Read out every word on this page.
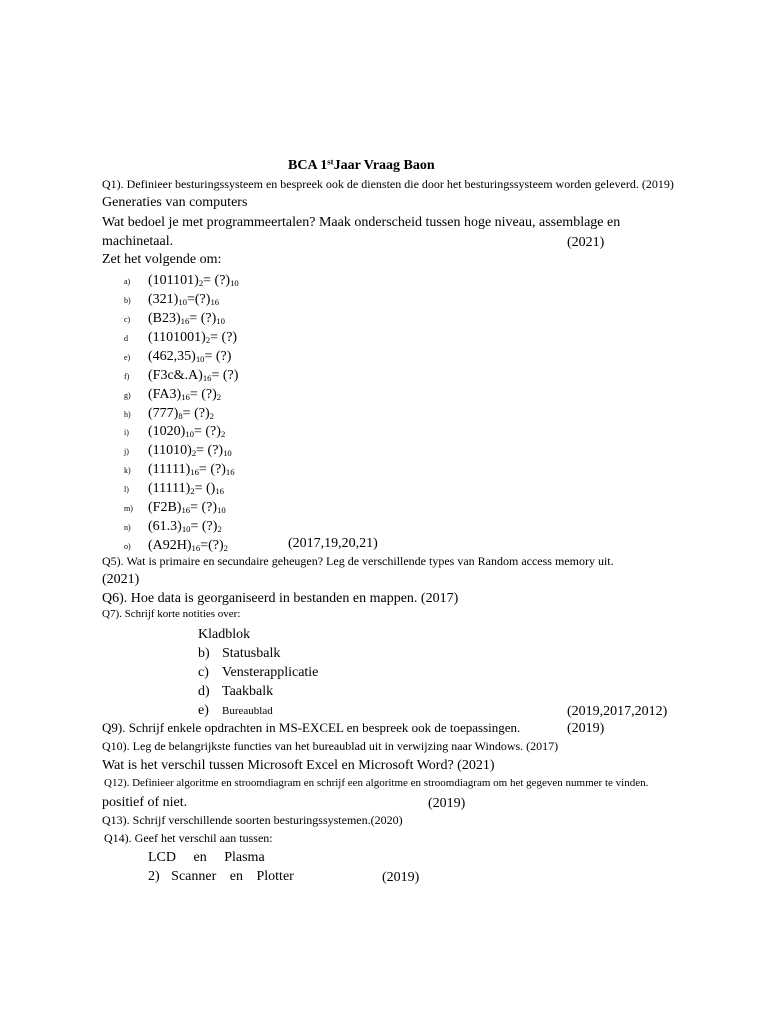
BCA 1stJaar Vraag Baon
Q1). Definieer besturingssysteem en bespreek ook de diensten die door het besturingssysteem worden geleverd. (2019)
Generaties van computers
Wat bedoel je met programmeertalen? Maak onderscheid tussen hoge niveau, assemblage en
machinetaal.	(2021)
Zet het volgende om:
a) $(101101)_2=$ $(?)_{10}$
b) $(321)_{10}=(?)_{16}$
c) $(B23)_{16}=$ $(?)_{10}$
d $(1101001)_2=$ (?)
e) $(462,35)_{10}=$ (?)
f) $(F3c\&.A)_{16}=$ (?)
g) $(FA3)_{16}=$ $(?)_2$
h) $(777)_8=$ $(?)_2$
i) $(1020)_{10}=$ $(?)_2$
j) $(11010)_2=$ $(?)_{10}$
k) $(11111)_{16}=$ $(?)_{16}$
l) $(11111)_2= ()_{16}$
m) $(F2B)_{16}=$ $(?)_{10}$
n) $(61.3)_{10}=$ $(?)_2$
o) $(A92H)_{16}=(?)_2$	(2017,19,20,21)
Q5). Wat is primaire en secundaire geheugen? Leg de verschillende types van Random access memory uit.
(2021)
Q6). Hoe data is georganiseerd in bestanden en mappen. (2017)
Q7). Schrijf korte notities over:
Kladblok
b) Statusbalk
c) Vensterapplicatie
d) Taakbalk
e) Bureaublad	(2019,2017,2012)
Q9). Schrijf enkele opdrachten in MS-EXCEL en bespreek ook de toepassingen.	(2019)
Q10). Leg de belangrijkste functies van het bureaublad uit in verwijzing naar Windows. (2017)
Wat is het verschil tussen Microsoft Excel en Microsoft Word? (2021)
Q12). Definieer algoritme en stroomdiagram en schrijf een algoritme en stroomdiagram om het gegeven nummer te vinden.
positief of niet.	(2019)
Q13). Schrijf verschillende soorten besturingssystemen.(2020)
Q14). Geef het verschil aan tussen:
LCD en Plasma
2) Scanner en Plotter	(2019)
